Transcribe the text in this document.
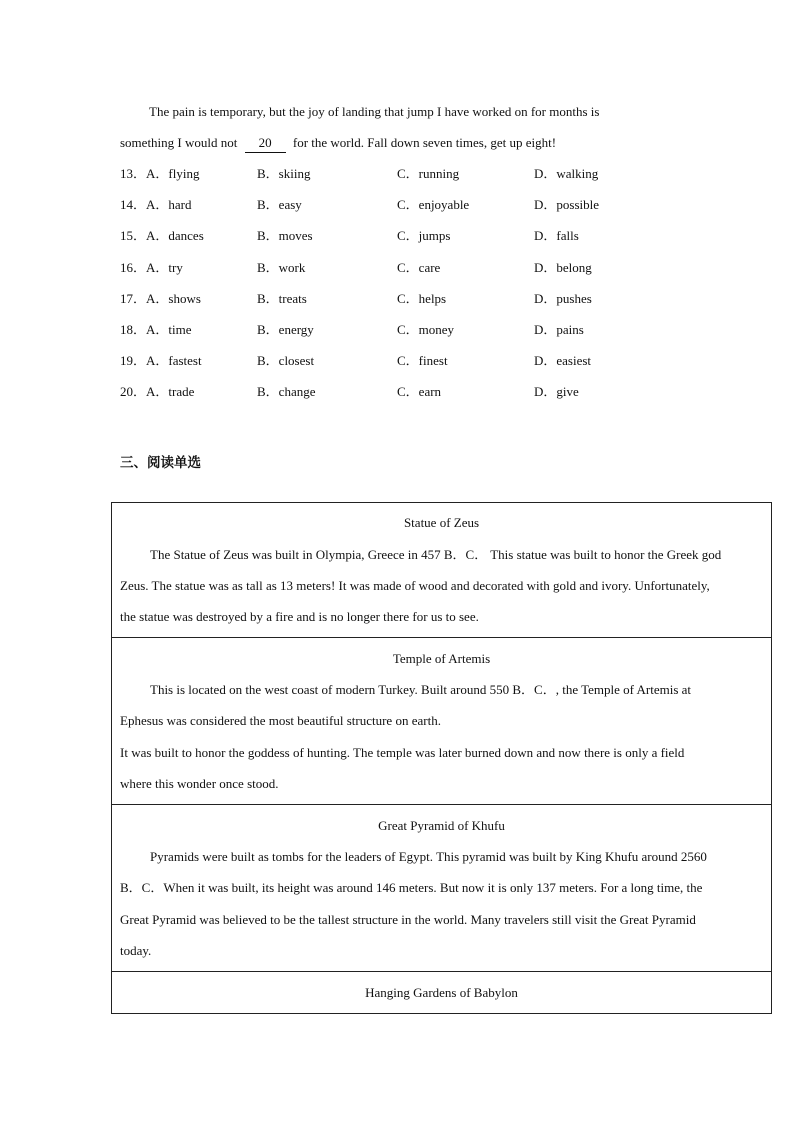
The pain is temporary, but the joy of landing that jump I have worked on for months is
something I would not 20 for the world. Fall down seven times, get up eight!
13．A．flying	B．skiing	C．running	D．walking
14．A．hard	B．easy	C．enjoyable	D．possible
15．A．dances	B．moves	C．jumps	D．falls
16．A．try	B．work	C．care	D．belong
17．A．shows	B．treats	C．helps	D．pushes
18．A．time	B．energy	C．money	D．pains
19．A．fastest	B．closest	C．finest	D．easiest
20．A．trade	B．change	C．earn	D．give
三、阅读单选
Statue of Zeus
The Statue of Zeus was built in Olympia, Greece in 457 B．C． This statue was built to honor the Greek god
Zeus. The statue was as tall as 13 meters! It was made of wood and decorated with gold and ivory. Unfortunately,
the statue was destroyed by a fire and is no longer there for us to see.
Temple of Artemis
This is located on the west coast of modern Turkey. Built around 550 B．C．, the Temple of Artemis at
Ephesus was considered the most beautiful structure on earth.
It was built to honor the goddess of hunting. The temple was later burned down and now there is only a field
where this wonder once stood.
Great Pyramid of Khufu
Pyramids were built as tombs for the leaders of Egypt. This pyramid was built by King Khufu around 2560
B．C．When it was built, its height was around 146 meters. But now it is only 137 meters. For a long time, the
Great Pyramid was believed to be the tallest structure in the world. Many travelers still visit the Great Pyramid
today.
Hanging Gardens of Babylon
